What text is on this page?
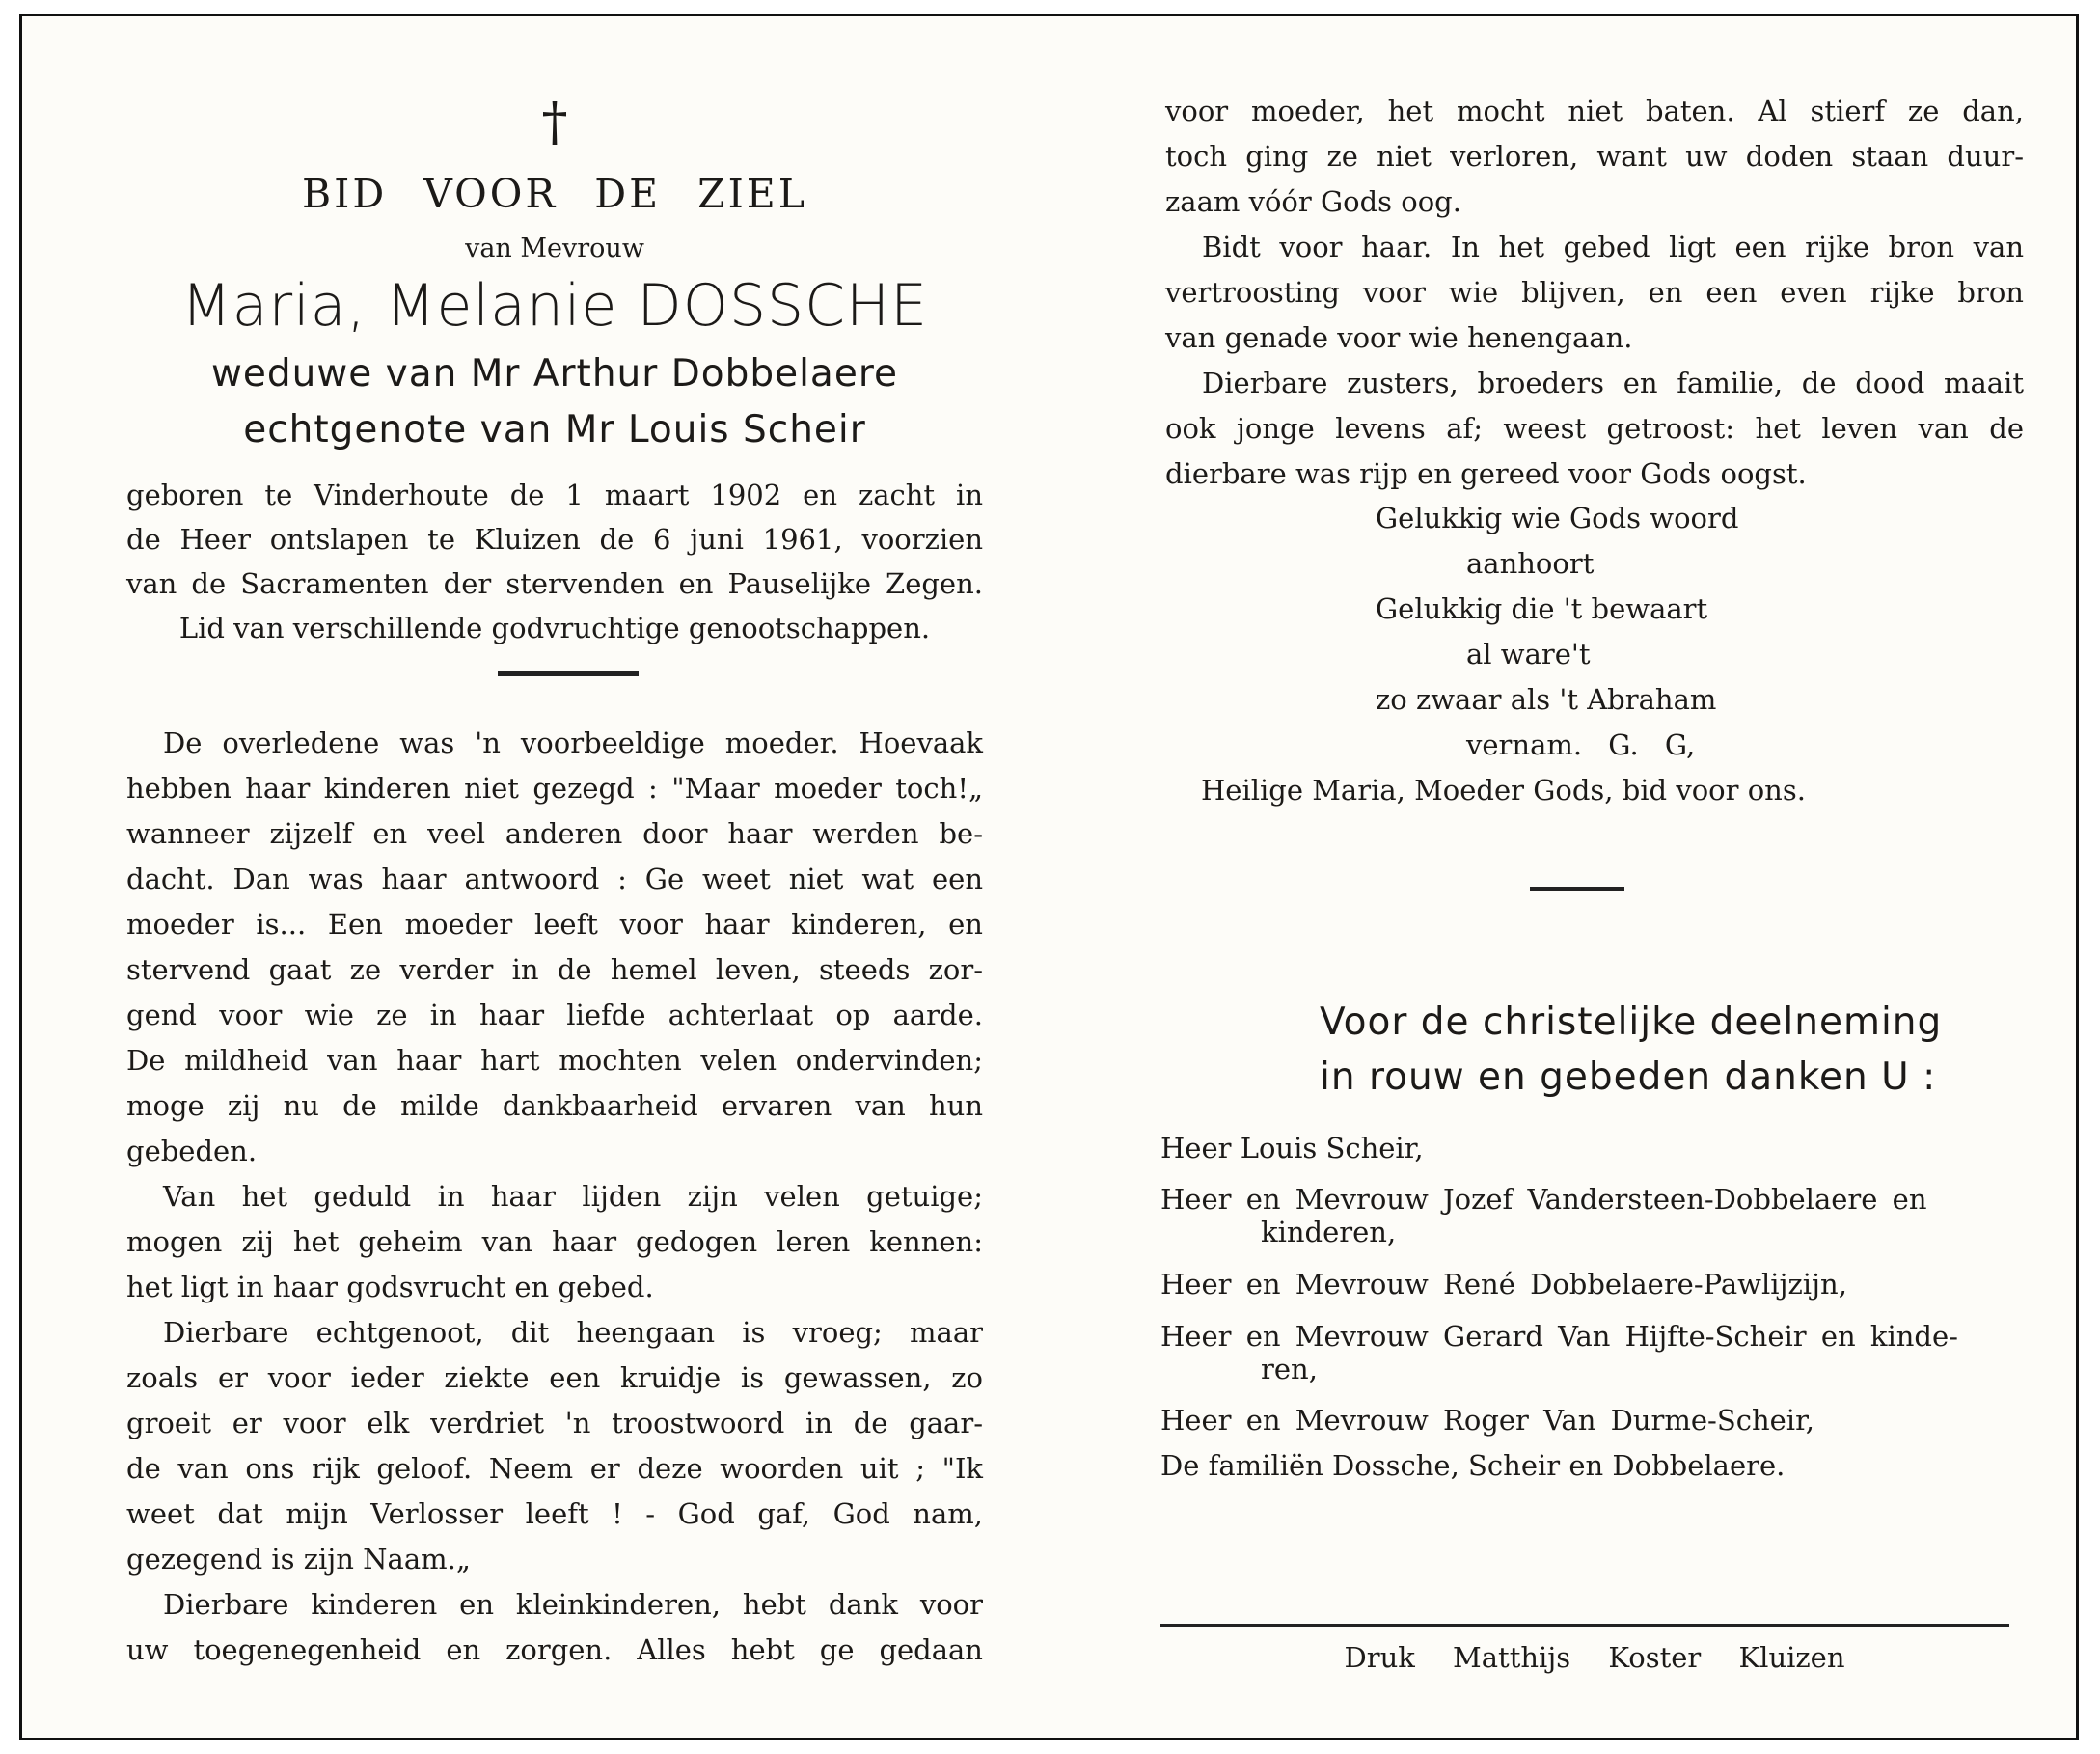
†
BID VOOR DE ZIEL
van Mevrouw
Maria, Melanie DOSSCHE
weduwe van Mr Arthur Dobbelaere
echtgenote van Mr Louis Scheir
geboren te Vinderhoute de 1 maart 1902 en zacht in
de Heer ontslapen te Kluizen de 6 juni 1961, voorzien
van de Sacramenten der stervenden en Pauselijke Zegen.
Lid van verschillende godvruchtige genootschappen.
De overledene was 'n voorbeeldige moeder. Hoevaak
hebben haar kinderen niet gezegd : "Maar moeder toch!„
wanneer zijzelf en veel anderen door haar werden be-
dacht. Dan was haar antwoord : Ge weet niet wat een
moeder is... Een moeder leeft voor haar kinderen, en
stervend gaat ze verder in de hemel leven, steeds zor-
gend voor wie ze in haar liefde achterlaat op aarde.
De mildheid van haar hart mochten velen ondervinden;
moge zij nu de milde dankbaarheid ervaren van hun
gebeden.
Van het geduld in haar lijden zijn velen getuige;
mogen zij het geheim van haar gedogen leren kennen:
het ligt in haar godsvrucht en gebed.
Dierbare echtgenoot, dit heengaan is vroeg; maar
zoals er voor ieder ziekte een kruidje is gewassen, zo
groeit er voor elk verdriet 'n troostwoord in de gaar-
de van ons rijk geloof. Neem er deze woorden uit ; "Ik
weet dat mijn Verlosser leeft ! - God gaf, God nam,
gezegend is zijn Naam.„
Dierbare kinderen en kleinkinderen, hebt dank voor
uw toegenegenheid en zorgen. Alles hebt ge gedaan
voor moeder, het mocht niet baten. Al stierf ze dan,
toch ging ze niet verloren, want uw doden staan duur-
zaam vóór Gods oog.
Bidt voor haar. In het gebed ligt een rijke bron van
vertroosting voor wie blijven, en een even rijke bron
van genade voor wie henengaan.
Dierbare zusters, broeders en familie, de dood maait
ook jonge levens af; weest getroost: het leven van de
dierbare was rijp en gereed voor Gods oogst.
Gelukkig wie Gods woord
aanhoort
Gelukkig die 't bewaart
al ware't
zo zwaar als 't Abraham
vernam. G. G,
Heilige Maria, Moeder Gods, bid voor ons.
Voor de christelijke deelneming
in rouw en gebeden danken U :
Heer Louis Scheir,
Heer en Mevrouw Jozef Vandersteen-Dobbelaere en
kinderen,
Heer en Mevrouw René Dobbelaere-Pawlijzijn,
Heer en Mevrouw Gerard Van Hijfte-Scheir en kinde-
ren,
Heer en Mevrouw Roger Van Durme-Scheir,
De familiën Dossche, Scheir en Dobbelaere.
Druk Matthijs Koster Kluizen
